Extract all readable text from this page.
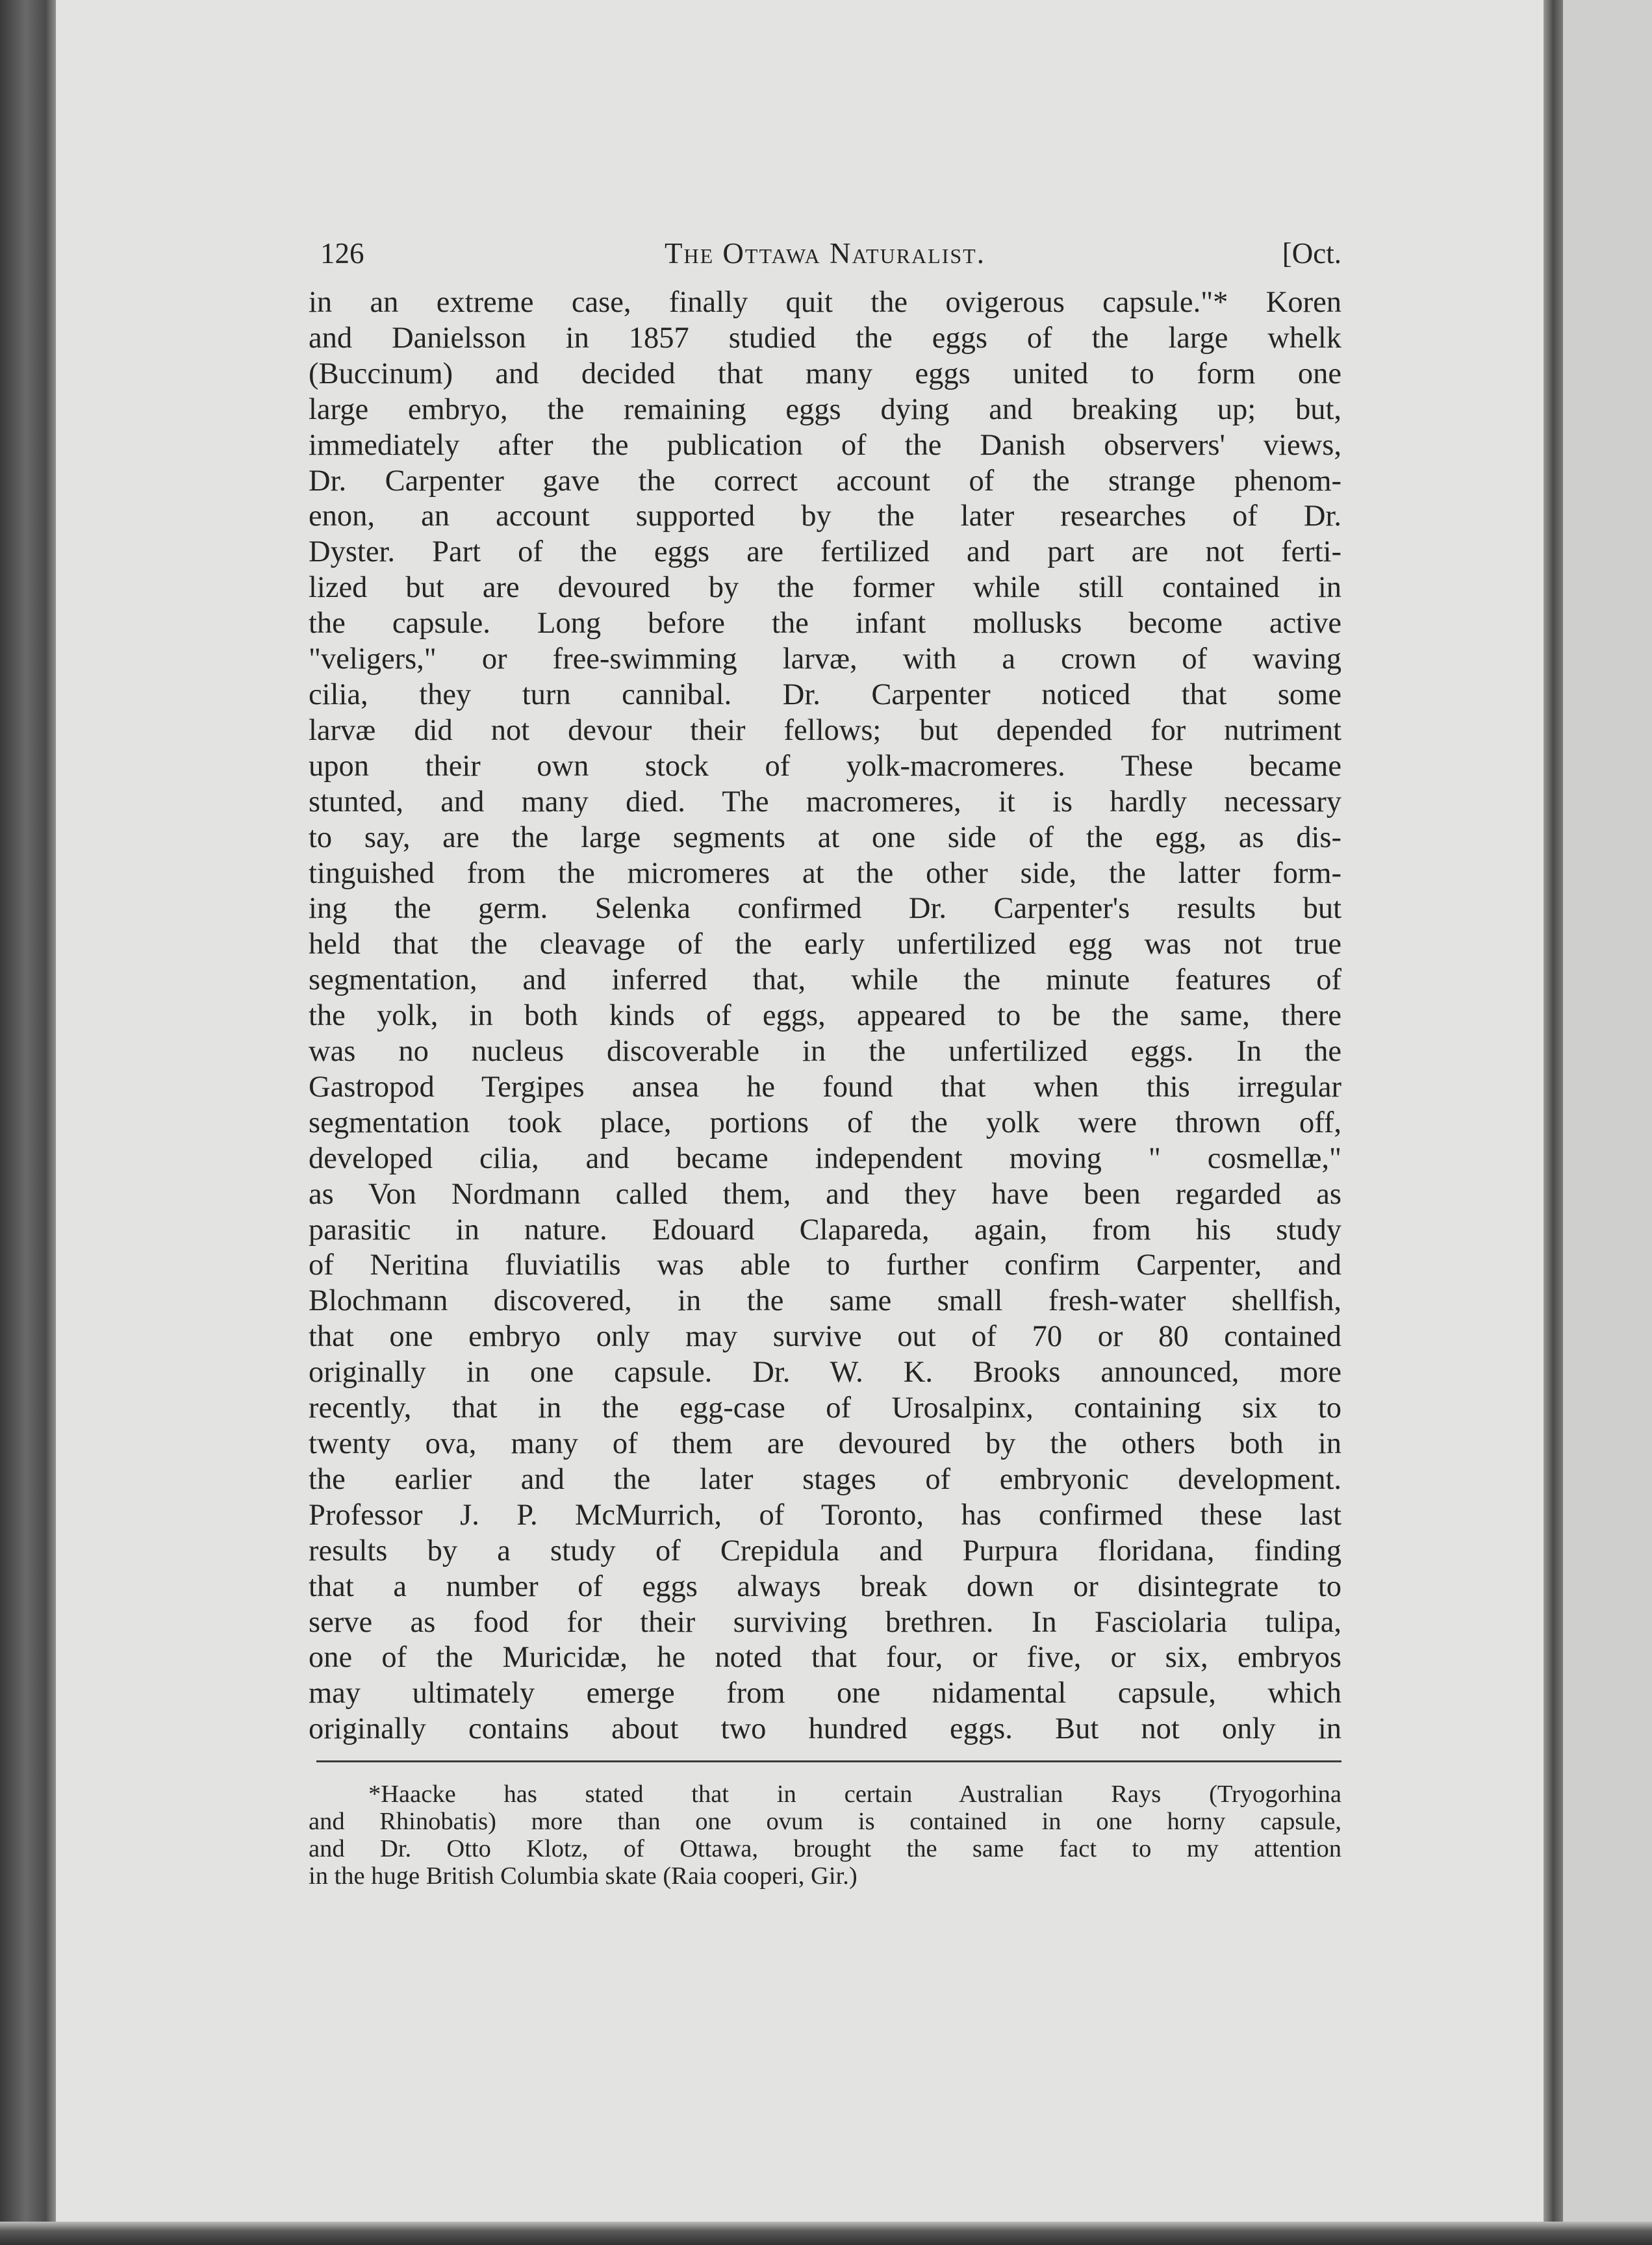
126	The Ottawa Naturalist.	[Oct.
in an extreme case, finally quit the ovigerous capsule."* Koren
and Danielsson in 1857 studied the eggs of the large whelk
(Buccinum) and decided that many eggs united to form one
large embryo, the remaining eggs dying and breaking up; but,
immediately after the publication of the Danish observers' views,
Dr. Carpenter gave the correct account of the strange phenom-
enon, an account supported by the later researches of Dr.
Dyster. Part of the eggs are fertilized and part are not ferti-
lized but are devoured by the former while still contained in
the capsule. Long before the infant mollusks become active
"veligers," or free-swimming larvæ, with a crown of waving
cilia, they turn cannibal. Dr. Carpenter noticed that some
larvæ did not devour their fellows; but depended for nutriment
upon their own stock of yolk-macromeres. These became
stunted, and many died. The macromeres, it is hardly necessary
to say, are the large segments at one side of the egg, as dis-
tinguished from the micromeres at the other side, the latter form-
ing the germ. Selenka confirmed Dr. Carpenter's results but
held that the cleavage of the early unfertilized egg was not true
segmentation, and inferred that, while the minute features of
the yolk, in both kinds of eggs, appeared to be the same, there
was no nucleus discoverable in the unfertilized eggs. In the
Gastropod Tergipes ansea he found that when this irregular
segmentation took place, portions of the yolk were thrown off,
developed cilia, and became independent moving " cosmellæ,"
as Von Nordmann called them, and they have been regarded as
parasitic in nature. Edouard Clapareda, again, from his study
of Neritina fluviatilis was able to further confirm Carpenter, and
Blochmann discovered, in the same small fresh-water shellfish,
that one embryo only may survive out of 70 or 80 contained
originally in one capsule. Dr. W. K. Brooks announced, more
recently, that in the egg-case of Urosalpinx, containing six to
twenty ova, many of them are devoured by the others both in
the earlier and the later stages of embryonic development.
Professor J. P. McMurrich, of Toronto, has confirmed these last
results by a study of Crepidula and Purpura floridana, finding
that a number of eggs always break down or disintegrate to
serve as food for their surviving brethren. In Fasciolaria tulipa,
one of the Muricidæ, he noted that four, or five, or six, embryos
may ultimately emerge from one nidamental capsule, which
originally contains about two hundred eggs. But not only in
*Haacke has stated that in certain Australian Rays (Tryogorhina
and Rhinobatis) more than one ovum is contained in one horny capsule,
and Dr. Otto Klotz, of Ottawa, brought the same fact to my attention
in the huge British Columbia skate (Raia cooperi, Gir.)
